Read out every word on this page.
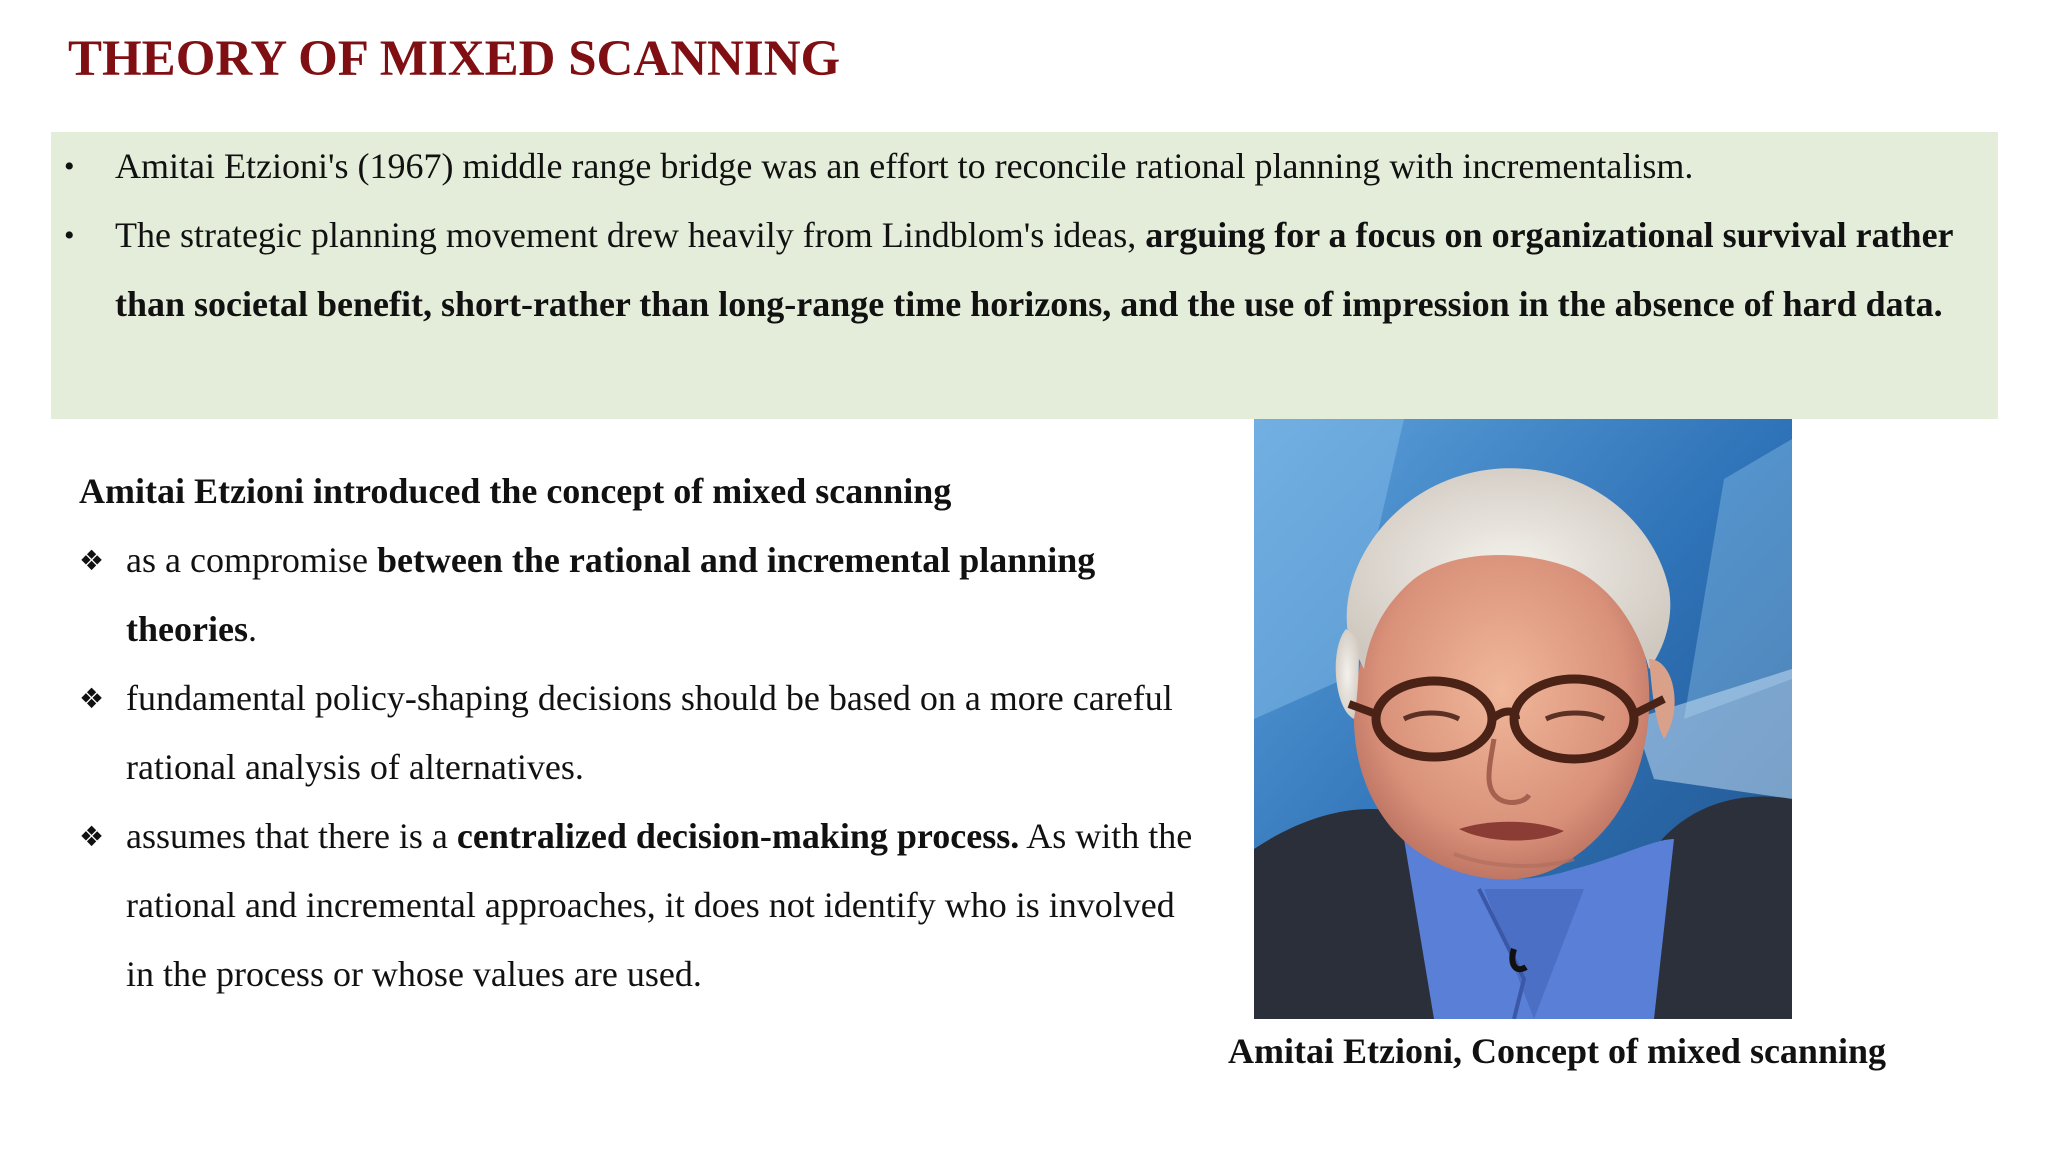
THEORY OF MIXED SCANNING
• Amitai Etzioni's (1967) middle range bridge was an effort to reconcile rational planning with incrementalism.
• The strategic planning movement drew heavily from Lindblom's ideas, arguing for a focus on organizational survival rather than societal benefit, short-rather than long-range time horizons, and the use of impression in the absence of hard data.

Amitai Etzioni introduced the concept of mixed scanning

❖ as a compromise between the rational and incremental planning theories.
❖ fundamental policy-shaping decisions should be based on a more careful rational analysis of alternatives.
❖ assumes that there is a centralized decision-making process. As with the rational and incremental approaches, it does not identify who is involved in the process or whose values are used.

Amitai Etzioni, Concept of mixed scanning
